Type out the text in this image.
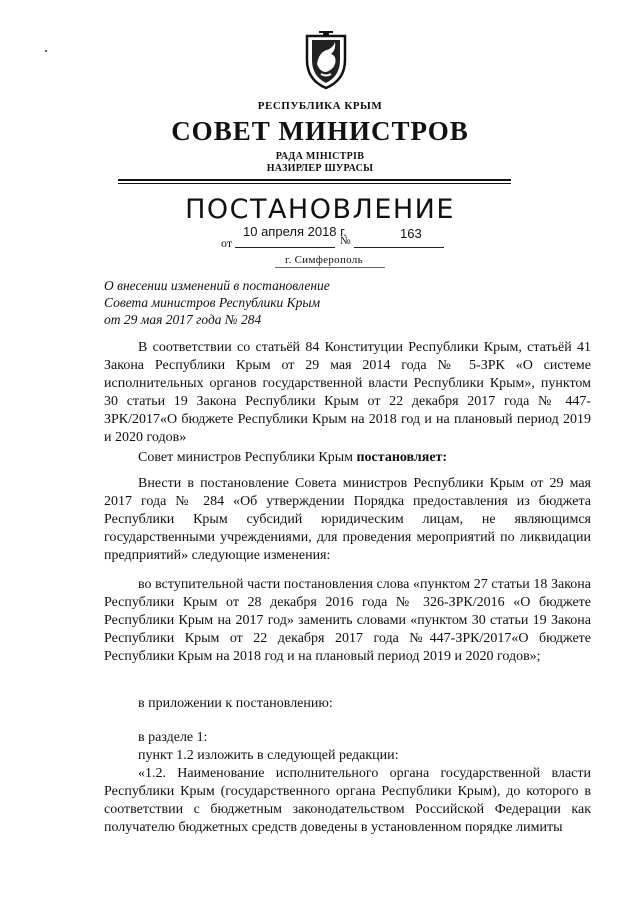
РЕСПУБЛИКА КРЫМ
СОВЕТ МИНИСТРОВ
РАДА МІНІСТРІВ
НАЗИРЛЕР ШУРАСЫ
ПОСТАНОВЛЕНИЕ
10 апреля 2018 г.	163
от	№
г. Симферополь
О внесении изменений в постановление
Совета министров Республики Крым
от 29 мая 2017 года № 284
В соответствии со статьёй 84 Конституции Республики Крым, статьёй 41 Закона Республики Крым от 29 мая 2014 года № 5-ЗРК «О системе исполнительных органов государственной власти Республики Крым», пунктом 30 статьи 19 Закона Республики Крым от 22 декабря 2017 года № 447-ЗРК/2017«О бюджете Республики Крым на 2018 год и на плановый период 2019 и 2020 годов»
Совет министров Республики Крым постановляет:
Внести в постановление Совета министров Республики Крым от 29 мая 2017 года № 284 «Об утверждении Порядка предоставления из бюджета Республики Крым субсидий юридическим лицам, не являющимся государственными учреждениями, для проведения мероприятий по ликвидации предприятий» следующие изменения:
во вступительной части постановления слова «пунктом 27 статьи 18 Закона Республики Крым от 28 декабря 2016 года № 326-ЗРК/2016 «О бюджете Республики Крым на 2017 год» заменить словами «пунктом 30 статьи 19 Закона Республики Крым от 22 декабря 2017 года №447-ЗРК/2017«О бюджете Республики Крым на 2018 год и на плановый период 2019 и 2020 годов»;
в приложении к постановлению:
в разделе 1:
пункт 1.2 изложить в следующей редакции:
«1.2. Наименование исполнительного органа государственной власти Республики Крым (государственного органа Республики Крым), до которого в соответствии с бюджетным законодательством Российской Федерации как получателю бюджетных средств доведены в установленном порядке лимиты
